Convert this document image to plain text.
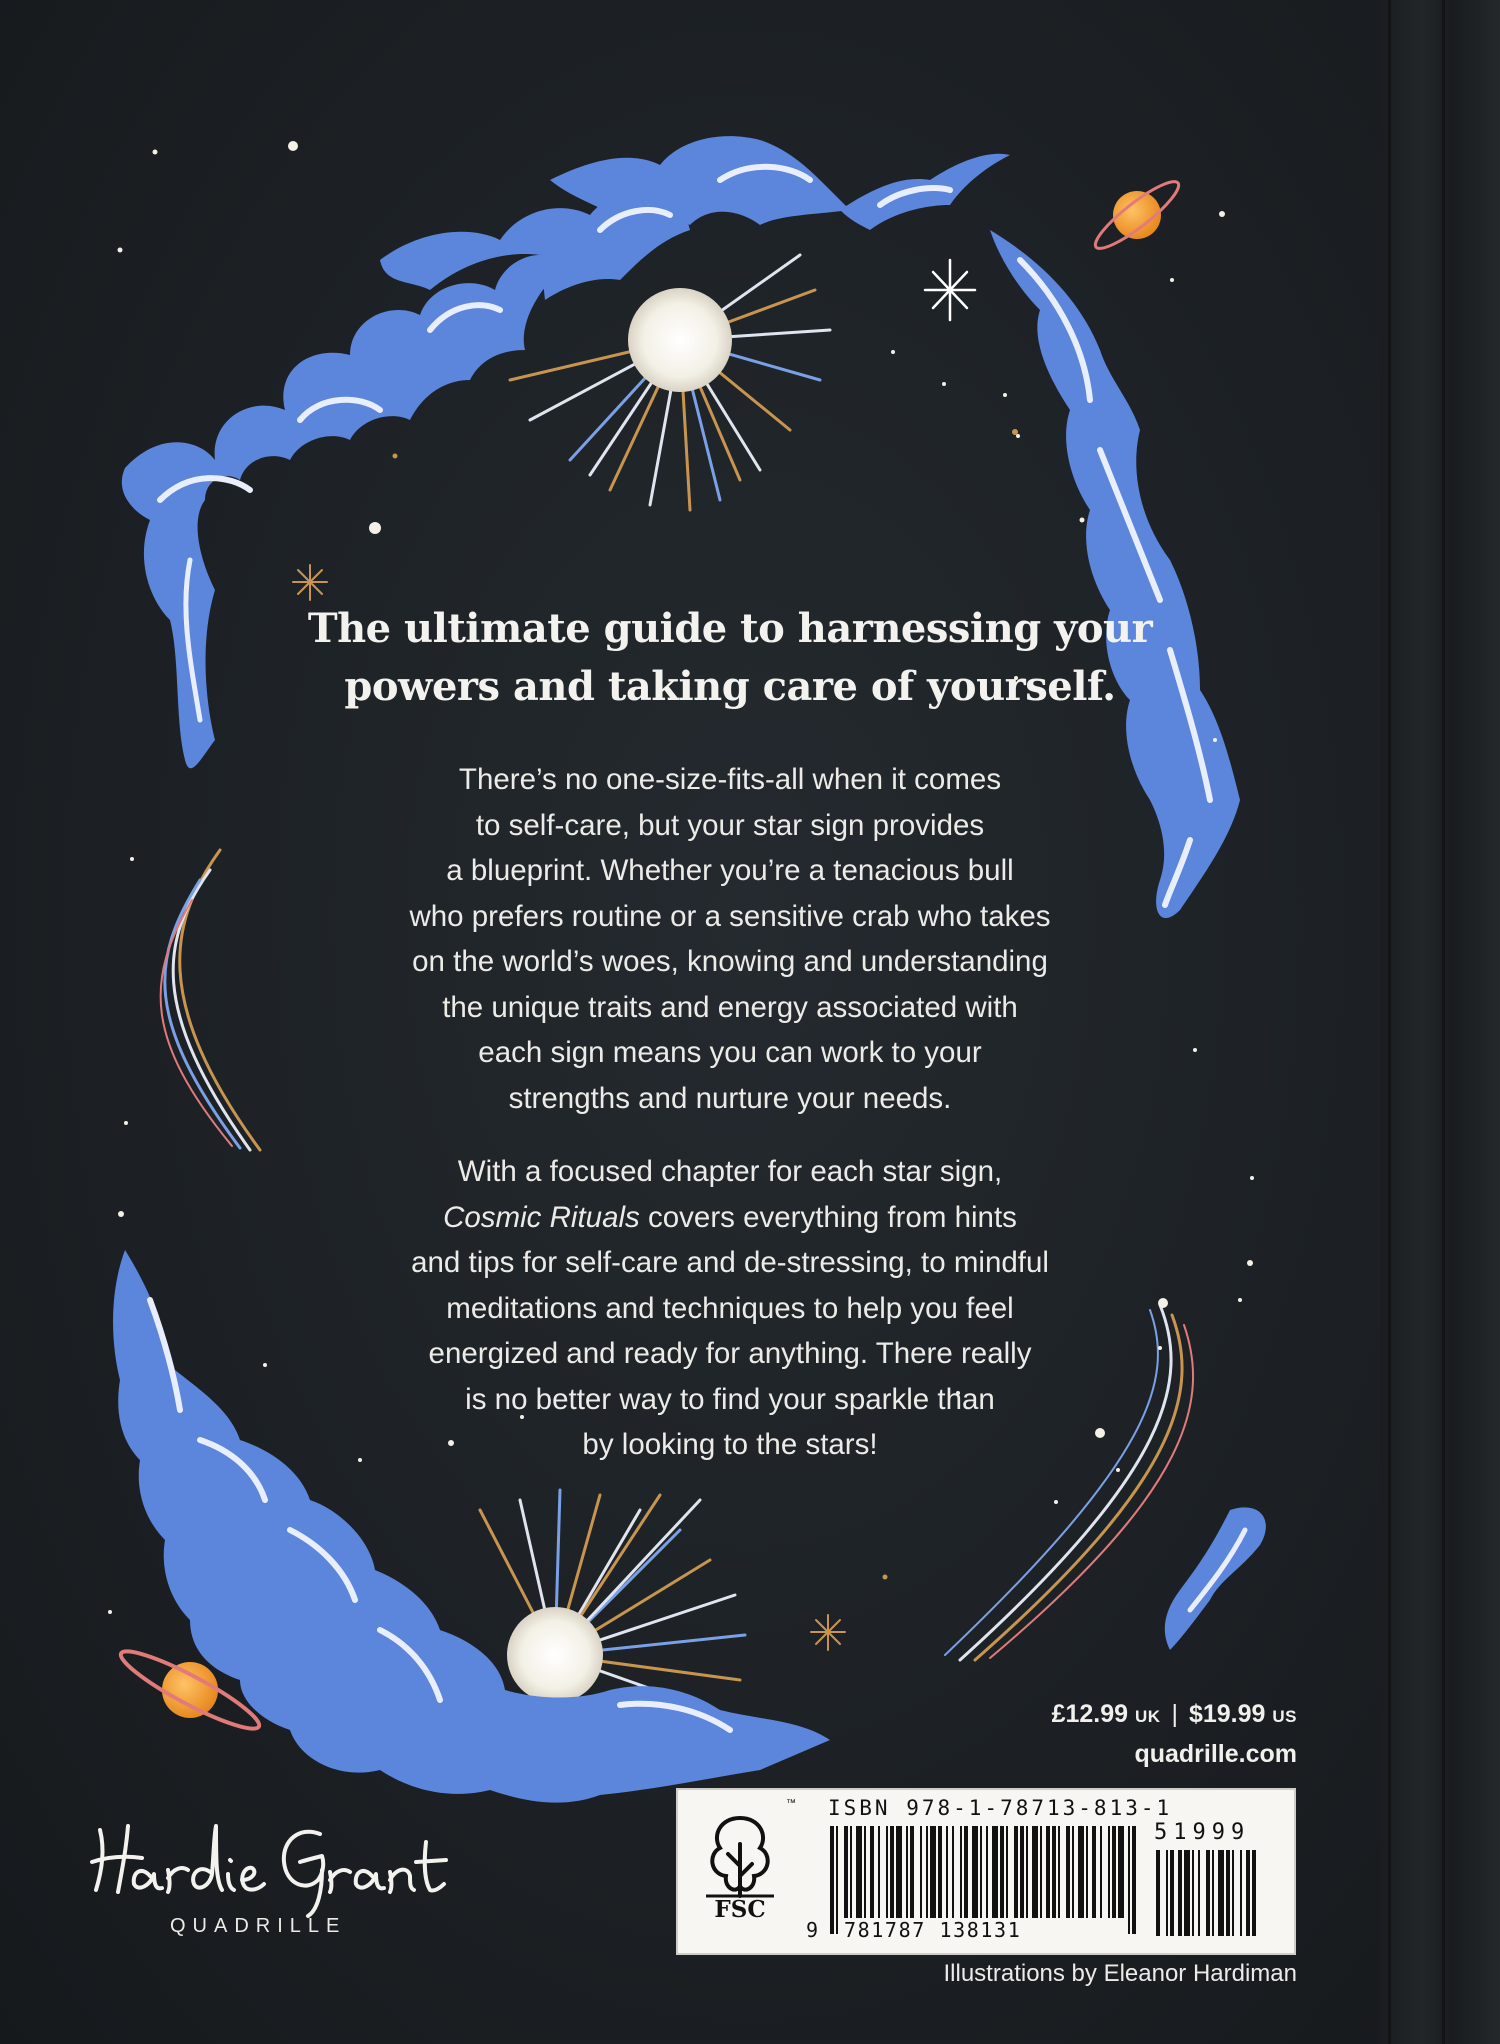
The ultimate guide to harnessing your
powers and taking care of yourself.

There’s no one-size-fits-all when it comes
to self-care, but your star sign provides
a blueprint. Whether you’re a tenacious bull
who prefers routine or a sensitive crab who takes
on the world’s woes, knowing and understanding
the unique traits and energy associated with
each sign means you can work to your
strengths and nurture your needs.

With a focused chapter for each star sign,
Cosmic Rituals covers everything from hints
and tips for self-care and de-stressing, to mindful
meditations and techniques to help you feel
energized and ready for anything. There really
is no better way to find your sparkle than
by looking to the stars!

£12.99 UK | $19.99 US
quadrille.com
QUADRILLE
FSC
™ ISBN 978-1-78713-813-1
9 781787 138131
51999
Illustrations by Eleanor Hardiman
